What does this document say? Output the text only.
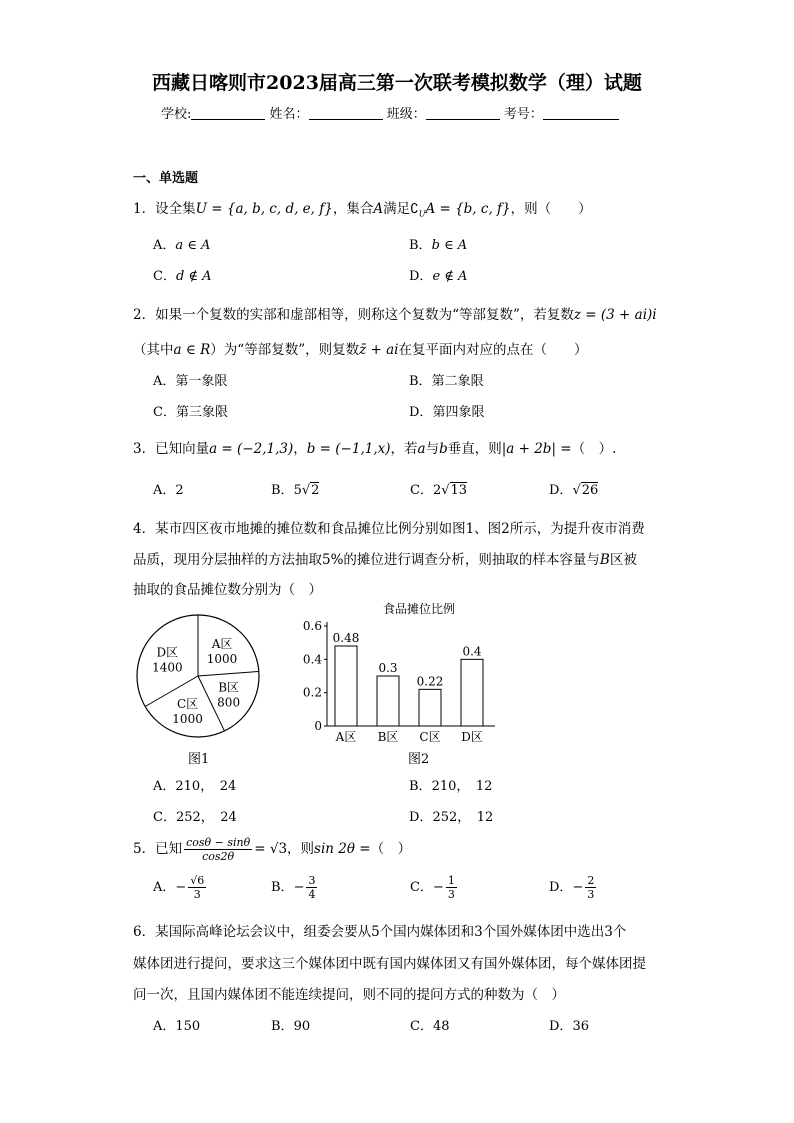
西藏日喀则市2023届高三第一次联考模拟数学（理）试题
学校:	姓名：	班级：	考号：
一、单选题
1．设全集U = {a, b, c, d, e, f}，集合A满足$∁_UA = \{b$, c, f}，则（　　）
A．a ∈ A	B．b ∈ A
C．d ∉ A	D．e ∉ A
2．如果一个复数的实部和虚部相等，则称这个复数为“等部复数”，若复数z = (3 + ai)i
（其中a ∈ R）为“等部复数”，则复数z̄ + ai在复平面内对应的点在（　　）
A．第一象限	B．第二象限
C．第三象限	D．第四象限
3．已知向量a = (−2,1,3)，b = (−1,1,x)，若a与b垂直，则|a + 2b| =（　）.
A．2	B．5√2	C．2√13	D．√26
4．某市四区夜市地摊的摊位数和食品摊位比例分别如图1、图2所示，为提升夜市消费
品质，现用分层抽样的方法抽取5%的摊位进行调查分析，则抽取的样本容量与B区被
抽取的食品摊位数分别为（　）
A区
1000
B区
800
C区
1000
D区
1400
图1
食品摊位比例
0
0.2
0.4
0.6
0.48
A区
0.3
B区
0.22
C区
0.4
D区
图2
A．210，　24	B．210，　12
C．252，　24	D．252，　12
5．已知 $\frac{\cos\theta - \sin\theta}{\cos 2\theta} = √3$，则sin 2θ =（　）
A．− $\frac{√6}{3}$	B．− $\frac{3}{4}$	C．− $\frac{1}{3}$	D．− $\frac{2}{3}$
6．某国际高峰论坛会议中，组委会要从5个国内媒体团和3个国外媒体团中选出3个
媒体团进行提问，要求这三个媒体团中既有国内媒体团又有国外媒体团，每个媒体团提
问一次，且国内媒体团不能连续提问，则不同的提问方式的种数为（　）
A．150	B．90	C．48	D．36
